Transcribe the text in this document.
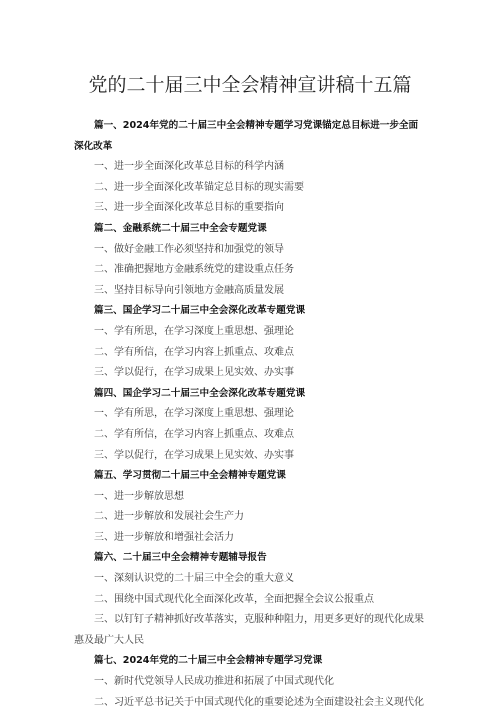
党的二十届三中全会精神宣讲稿十五篇

篇一、2024年党的二十届三中全会精神专题学习党课锚定总目标进一步全面

深化改革

一、进一步全面深化改革总目标的科学内涵

二、进一步全面深化改革锚定总目标的现实需要

三、进一步全面深化改革总目标的重要指向

篇二、金融系统二十届三中全会专题党课

一、做好金融工作必须坚持和加强党的领导

二、准确把握地方金融系统党的建设重点任务

三、坚持目标导向引领地方金融高质量发展

篇三、国企学习二十届三中全会深化改革专题党课

一、学有所思，在学习深度上重思想、强理论

二、学有所信，在学习内容上抓重点、攻难点

三、学以促行，在学习成果上见实效、办实事

篇四、国企学习二十届三中全会深化改革专题党课

一、学有所思，在学习深度上重思想、强理论

二、学有所信，在学习内容上抓重点、攻难点

三、学以促行，在学习成果上见实效、办实事

篇五、学习贯彻二十届三中全会精神专题党课

一、进一步解放思想

二、进一步解放和发展社会生产力

三、进一步解放和增强社会活力

篇六、二十届三中全会精神专题辅导报告

一、深刻认识党的二十届三中全会的重大意义

二、围绕中国式现代化全面深化改革，全面把握全会议公报重点

三、以钉钉子精神抓好改革落实，克服种种阻力，用更多更好的现代化成果

惠及最广大人民

篇七、2024年党的二十届三中全会精神专题学习党课

一、新时代党领导人民成功推进和拓展了中国式现代化

二、习近平总书记关于中国式现代化的重要论述为全面建设社会主义现代化
